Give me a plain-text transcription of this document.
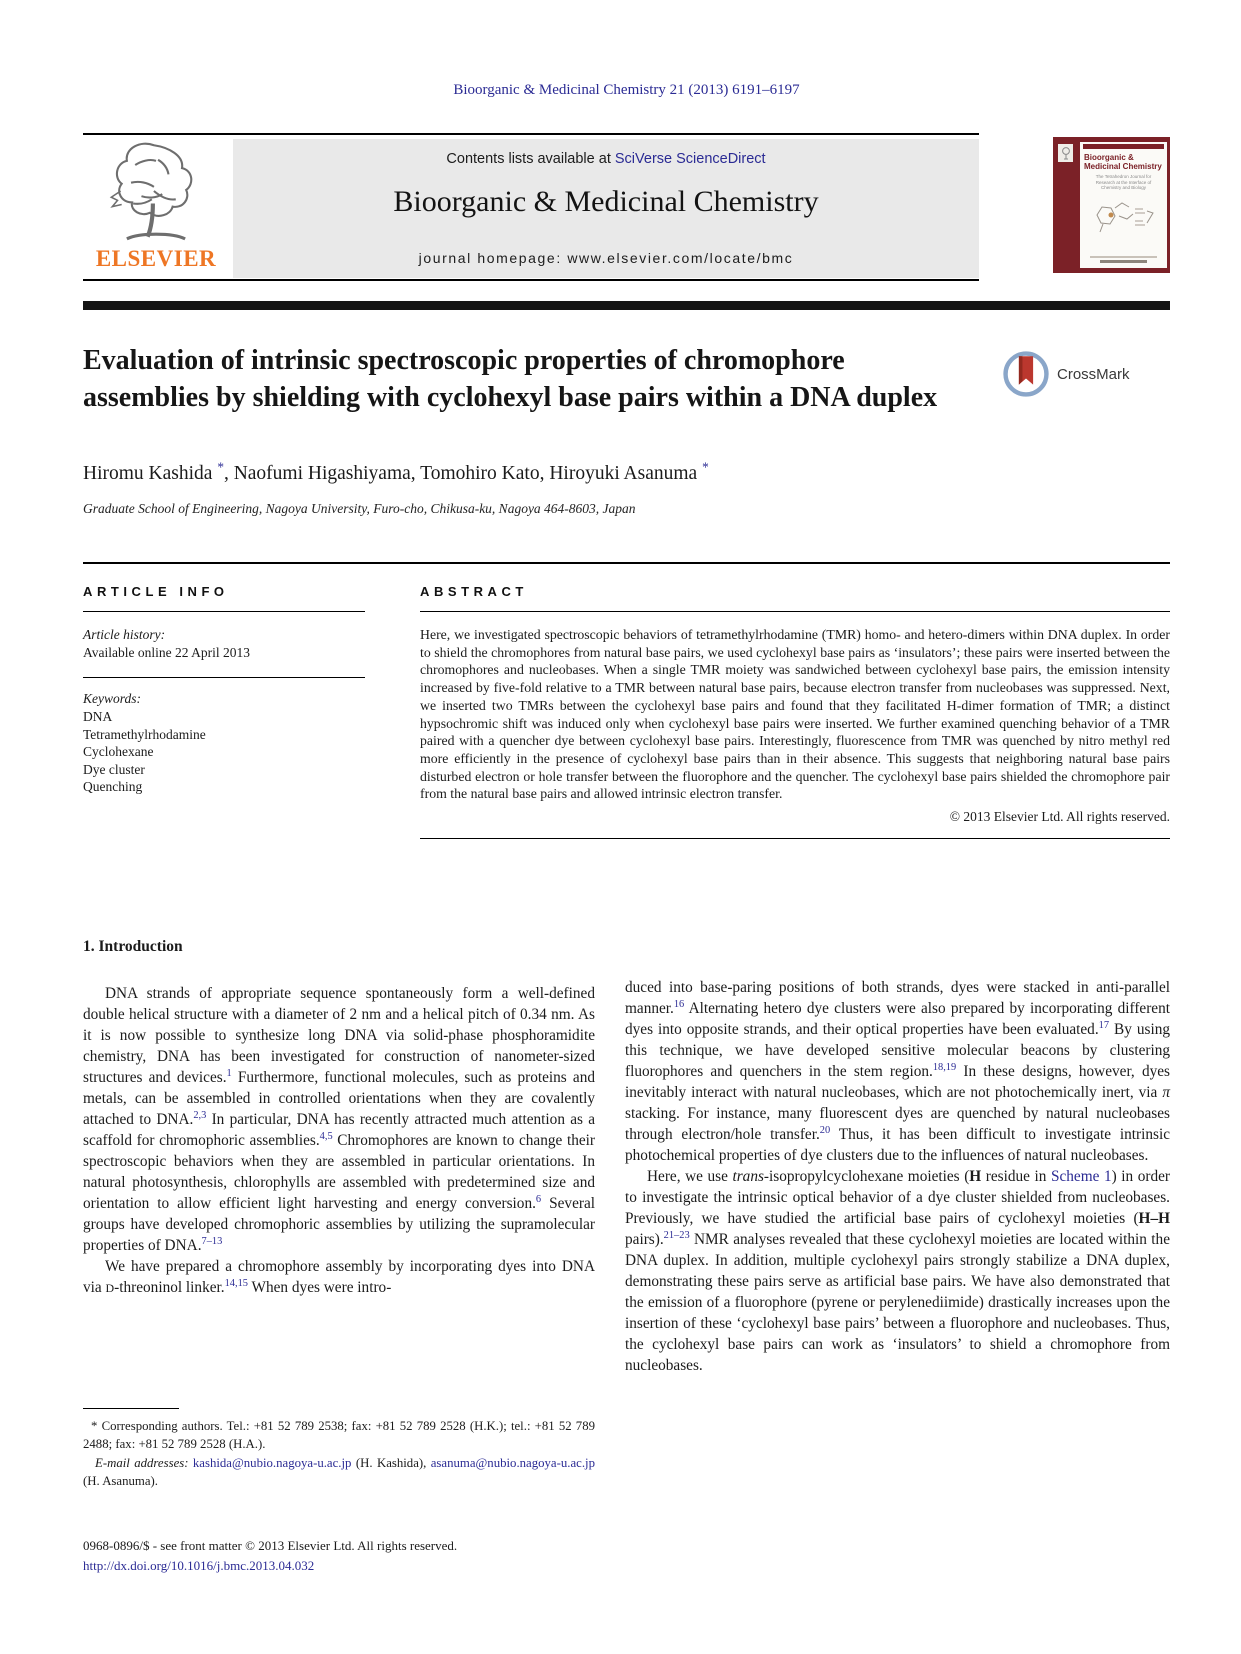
Bioorganic & Medicinal Chemistry 21 (2013) 6191–6197
ELSEVIER
Contents lists available at SciVerse ScienceDirect
Bioorganic & Medicinal Chemistry
journal homepage: www.elsevier.com/locate/bmc
Bioorganic & Medicinal Chemistry
The Tetrahedron Journal for Research at the Interface of Chemistry and Biology
Evaluation of intrinsic spectroscopic properties of chromophore assemblies by shielding with cyclohexyl base pairs within a DNA duplex
CrossMark
Hiromu Kashida *, Naofumi Higashiyama, Tomohiro Kato, Hiroyuki Asanuma *
Graduate School of Engineering, Nagoya University, Furo-cho, Chikusa-ku, Nagoya 464-8603, Japan
ARTICLE INFO
Article history:
Available online 22 April 2013
Keywords:
DNA
Tetramethylrhodamine
Cyclohexane
Dye cluster
Quenching
ABSTRACT

Here, we investigated spectroscopic behaviors of tetramethylrhodamine (TMR) homo- and hetero-dimers within DNA duplex. In order to shield the chromophores from natural base pairs, we used cyclohexyl base pairs as ‘insulators’; these pairs were inserted between the chromophores and nucleobases. When a single TMR moiety was sandwiched between cyclohexyl base pairs, the emission intensity increased by five-fold relative to a TMR between natural base pairs, because electron transfer from nucleobases was suppressed. Next, we inserted two TMRs between the cyclohexyl base pairs and found that they facilitated H-dimer formation of TMR; a distinct hypsochromic shift was induced only when cyclohexyl base pairs were inserted. We further examined quenching behavior of a TMR paired with a quencher dye between cyclohexyl base pairs. Interestingly, fluorescence from TMR was quenched by nitro methyl red more efficiently in the presence of cyclohexyl base pairs than in their absence. This suggests that neighboring natural base pairs disturbed electron or hole transfer between the fluorophore and the quencher. The cyclohexyl base pairs shielded the chromophore pair from the natural base pairs and allowed intrinsic electron transfer.

© 2013 Elsevier Ltd. All rights reserved.
1. Introduction

DNA strands of appropriate sequence spontaneously form a well-defined double helical structure with a diameter of 2 nm and a helical pitch of 0.34 nm. As it is now possible to synthesize long DNA via solid-phase phosphoramidite chemistry, DNA has been investigated for construction of nanometer-sized structures and devices.$^1$ Furthermore, functional molecules, such as proteins and metals, can be assembled in controlled orientations when they are covalently attached to DNA.$^{2,3}$ In particular, DNA has recently attracted much attention as a scaffold for chromophoric assemblies.$^{4,5}$ Chromophores are known to change their spectroscopic behaviors when they are assembled in particular orientations. In natural photosynthesis, chlorophylls are assembled with predetermined size and orientation to allow efficient light harvesting and energy conversion.$^6$ Several groups have developed chromophoric assemblies by utilizing the supramolecular properties of DNA.$^{7-13}$

We have prepared a chromophore assembly by incorporating dyes into DNA via D-threoninol linker.$^{14,15}$ When dyes were intro-

duced into base-paring positions of both strands, dyes were stacked in anti-parallel manner.$^{16}$ Alternating hetero dye clusters were also prepared by incorporating different dyes into opposite strands, and their optical properties have been evaluated.$^{17}$ By using this technique, we have developed sensitive molecular beacons by clustering fluorophores and quenchers in the stem region.$^{18,19}$ In these designs, however, dyes inevitably interact with natural nucleobases, which are not photochemically inert, via π stacking. For instance, many fluorescent dyes are quenched by natural nucleobases through electron/hole transfer.$^{20}$ Thus, it has been difficult to investigate intrinsic photochemical properties of dye clusters due to the influences of natural nucleobases.

Here, we use trans-isopropylcyclohexane moieties (H residue in Scheme 1) in order to investigate the intrinsic optical behavior of a dye cluster shielded from nucleobases. Previously, we have studied the artificial base pairs of cyclohexyl moieties (H–H pairs).$^{21-23}$ NMR analyses revealed that these cyclohexyl moieties are located within the DNA duplex. In addition, multiple cyclohexyl pairs strongly stabilize a DNA duplex, demonstrating these pairs serve as artificial base pairs. We have also demonstrated that the emission of a fluorophore (pyrene or perylenediimide) drastically increases upon the insertion of these ‘cyclohexyl base pairs’ between a fluorophore and nucleobases. Thus, the cyclohexyl base pairs can work as ‘insulators’ to shield a chromophore from nucleobases.

* Corresponding authors. Tel.: +81 52 789 2538; fax: +81 52 789 2528 (H.K.); tel.: +81 52 789 2488; fax: +81 52 789 2528 (H.A.).

E-mail addresses: kashida@nubio.nagoya-u.ac.jp (H. Kashida), asanuma@nubio.nagoya-u.ac.jp (H. Asanuma).

0968-0896/$ - see front matter © 2013 Elsevier Ltd. All rights reserved.
http://dx.doi.org/10.1016/j.bmc.2013.04.032
